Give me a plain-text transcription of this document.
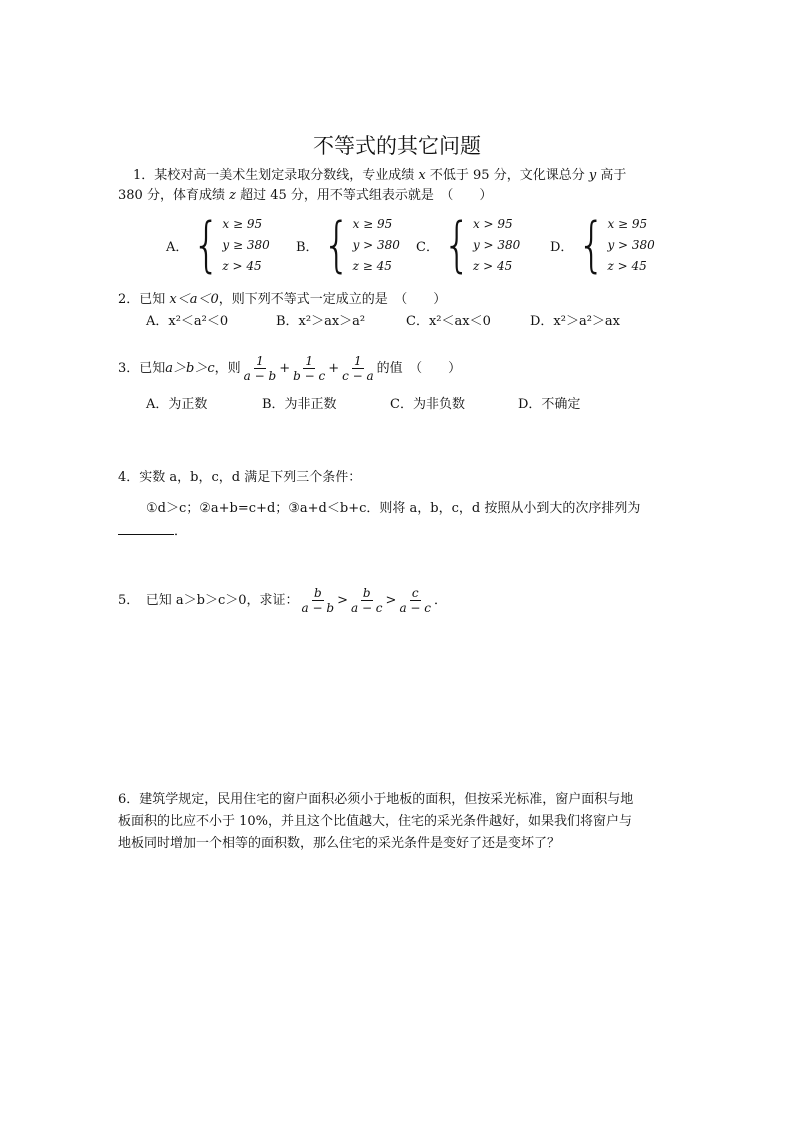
不等式的其它问题
1．某校对高一美术生划定录取分数线，专业成绩 x 不低于 95 分，文化课总分 y 高于
380 分，体育成绩 z 超过 45 分，用不等式组表示就是　（　　）
A． { x ≥ 95
y ≥ 380
z > 45
B． { x ≥ 95
y > 380
z ≥ 45
C． { x > 95
y > 380
z > 45
D． { x ≥ 95
y > 380
z > 45
2．已知 x＜a＜0，则下列不等式一定成立的是　（　　）
A．x²＜a²＜0	B．x²＞ax＞a²	C．x²＜ax＜0	D．x²＞a²＞ax
3．已知 a＞b＞c ，则 $\frac{1}{a - b} + \frac{1}{b - c} + \frac{1}{c - a}$ 的值　（　　）
A．为正数	B．为非正数	C．为非负数	D．不确定
4．实数 a，b，c，d 满足下列三个条件：
①d＞c；②a+b=c+d；③a+d＜b+c．则将 a，b，c，d 按照从小到大的次序排列为
．
5．　已知 a＞b＞c＞0，求证： $\frac{b}{a - b} > \frac{b}{a - c} > \frac{c}{a - c}$ ．
6．建筑学规定，民用住宅的窗户面积必须小于地板的面积，但按采光标准，窗户面积与地
板面积的比应不小于 10%，并且这个比值越大，住宅的采光条件越好，如果我们将窗户与
地板同时增加一个相等的面积数，那么住宅的采光条件是变好了还是变坏了？
